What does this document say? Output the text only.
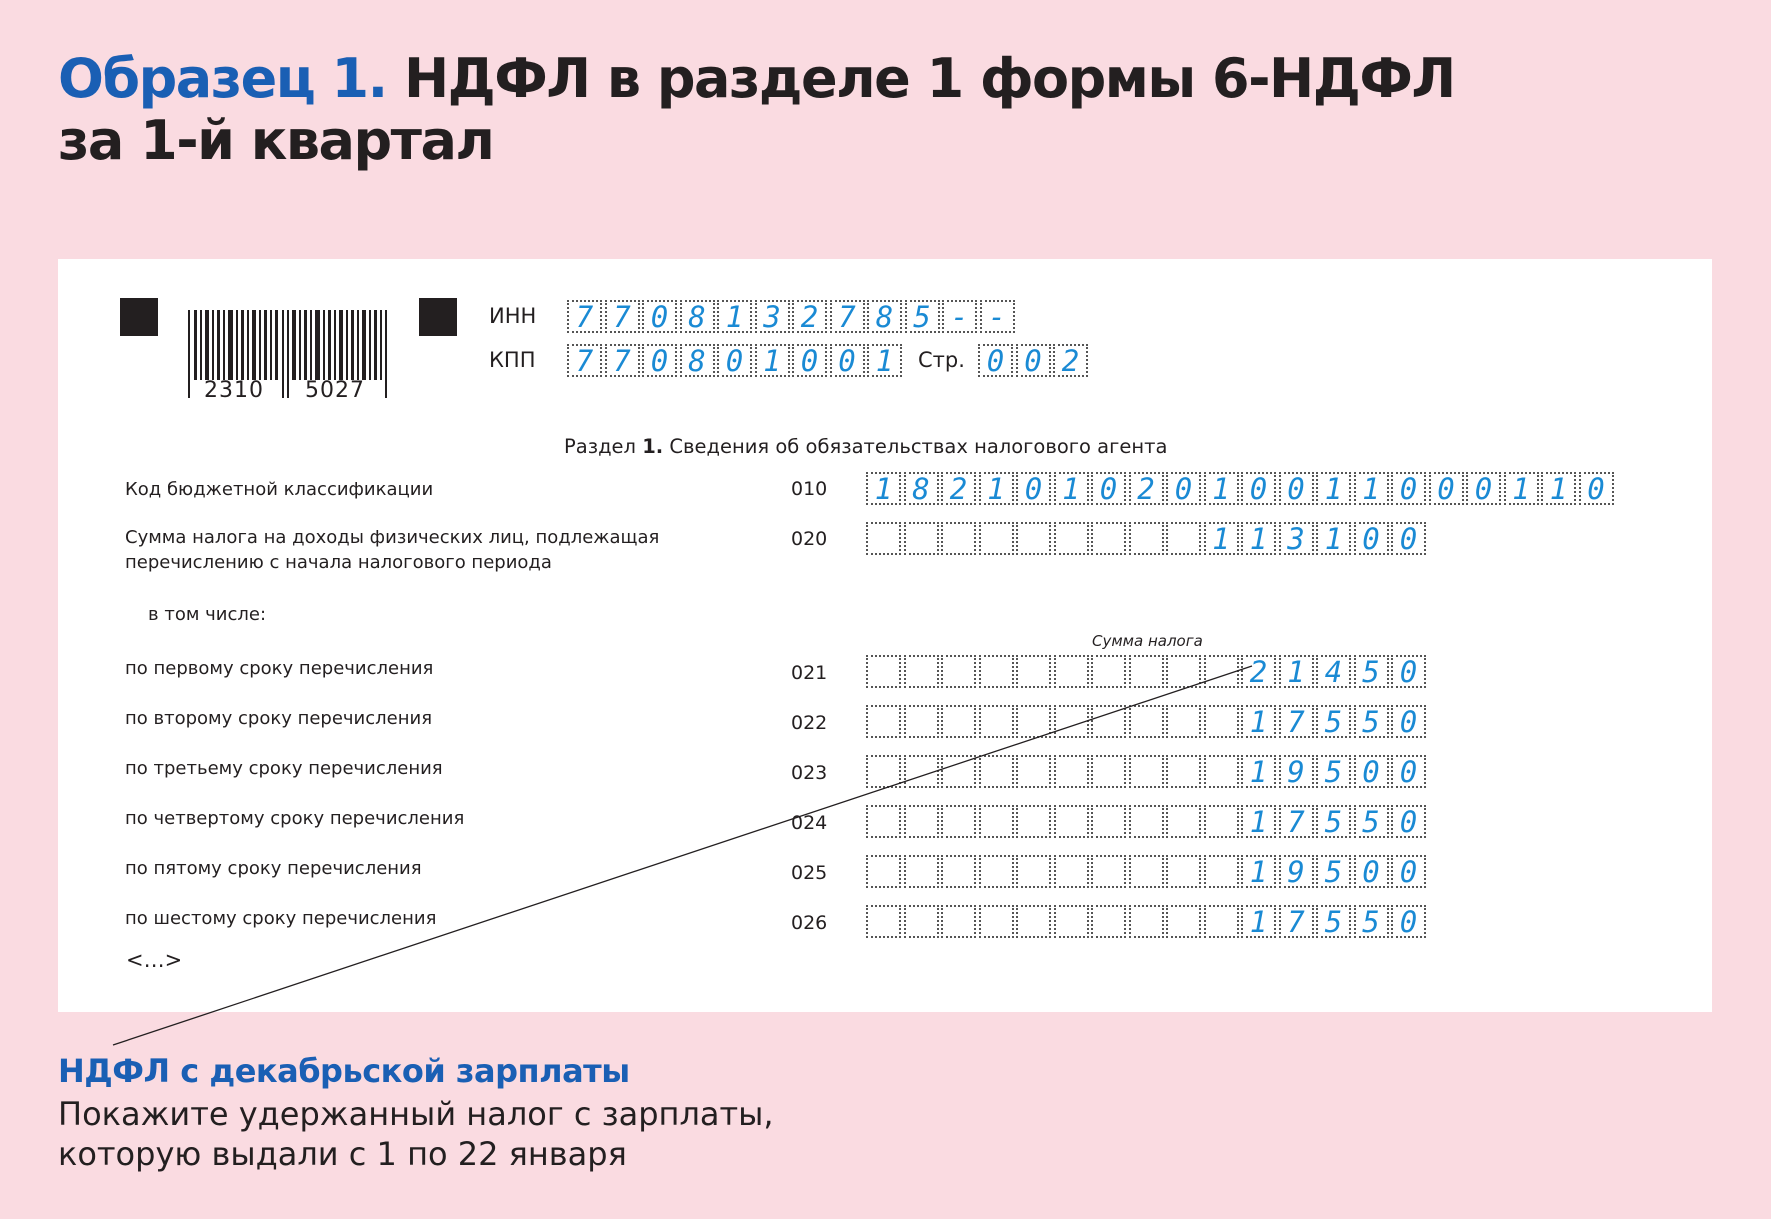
Образец 1. НДФЛ в разделе 1 формы 6-НДФЛ
за 1-й квартал
2310 5027
ИНН	7 7 0 8 1 3 2 7 8 5 - -
КПП	7 7 0 8 0 1 0 0 1	Стр. 0 0 2
Раздел 1. Сведения об обязательствах налогового агента
Код бюджетной классификации	010	1 8 2 1 0 1 0 2 0 1 0 0 1 1 0 0 0 1 1 0
Сумма налога на доходы физических лиц, подлежащая
перечислению с начала налогового периода
020	1 1 3 1 0 0
в том числе:
Сумма налога
по первому сроку перечисления	021	2 1 4 5 0
по второму сроку перечисления	022	1 7 5 5 0
по третьему сроку перечисления	023	1 9 5 0 0
по четвертому сроку перечисления	024	1 7 5 5 0
по пятому сроку перечисления	025	1 9 5 0 0
по шестому сроку перечисления	026	1 7 5 5 0
<…>
НДФЛ с декабрьской зарплаты
Покажите удержанный налог с зарплаты,
которую выдали с 1 по 22 января
